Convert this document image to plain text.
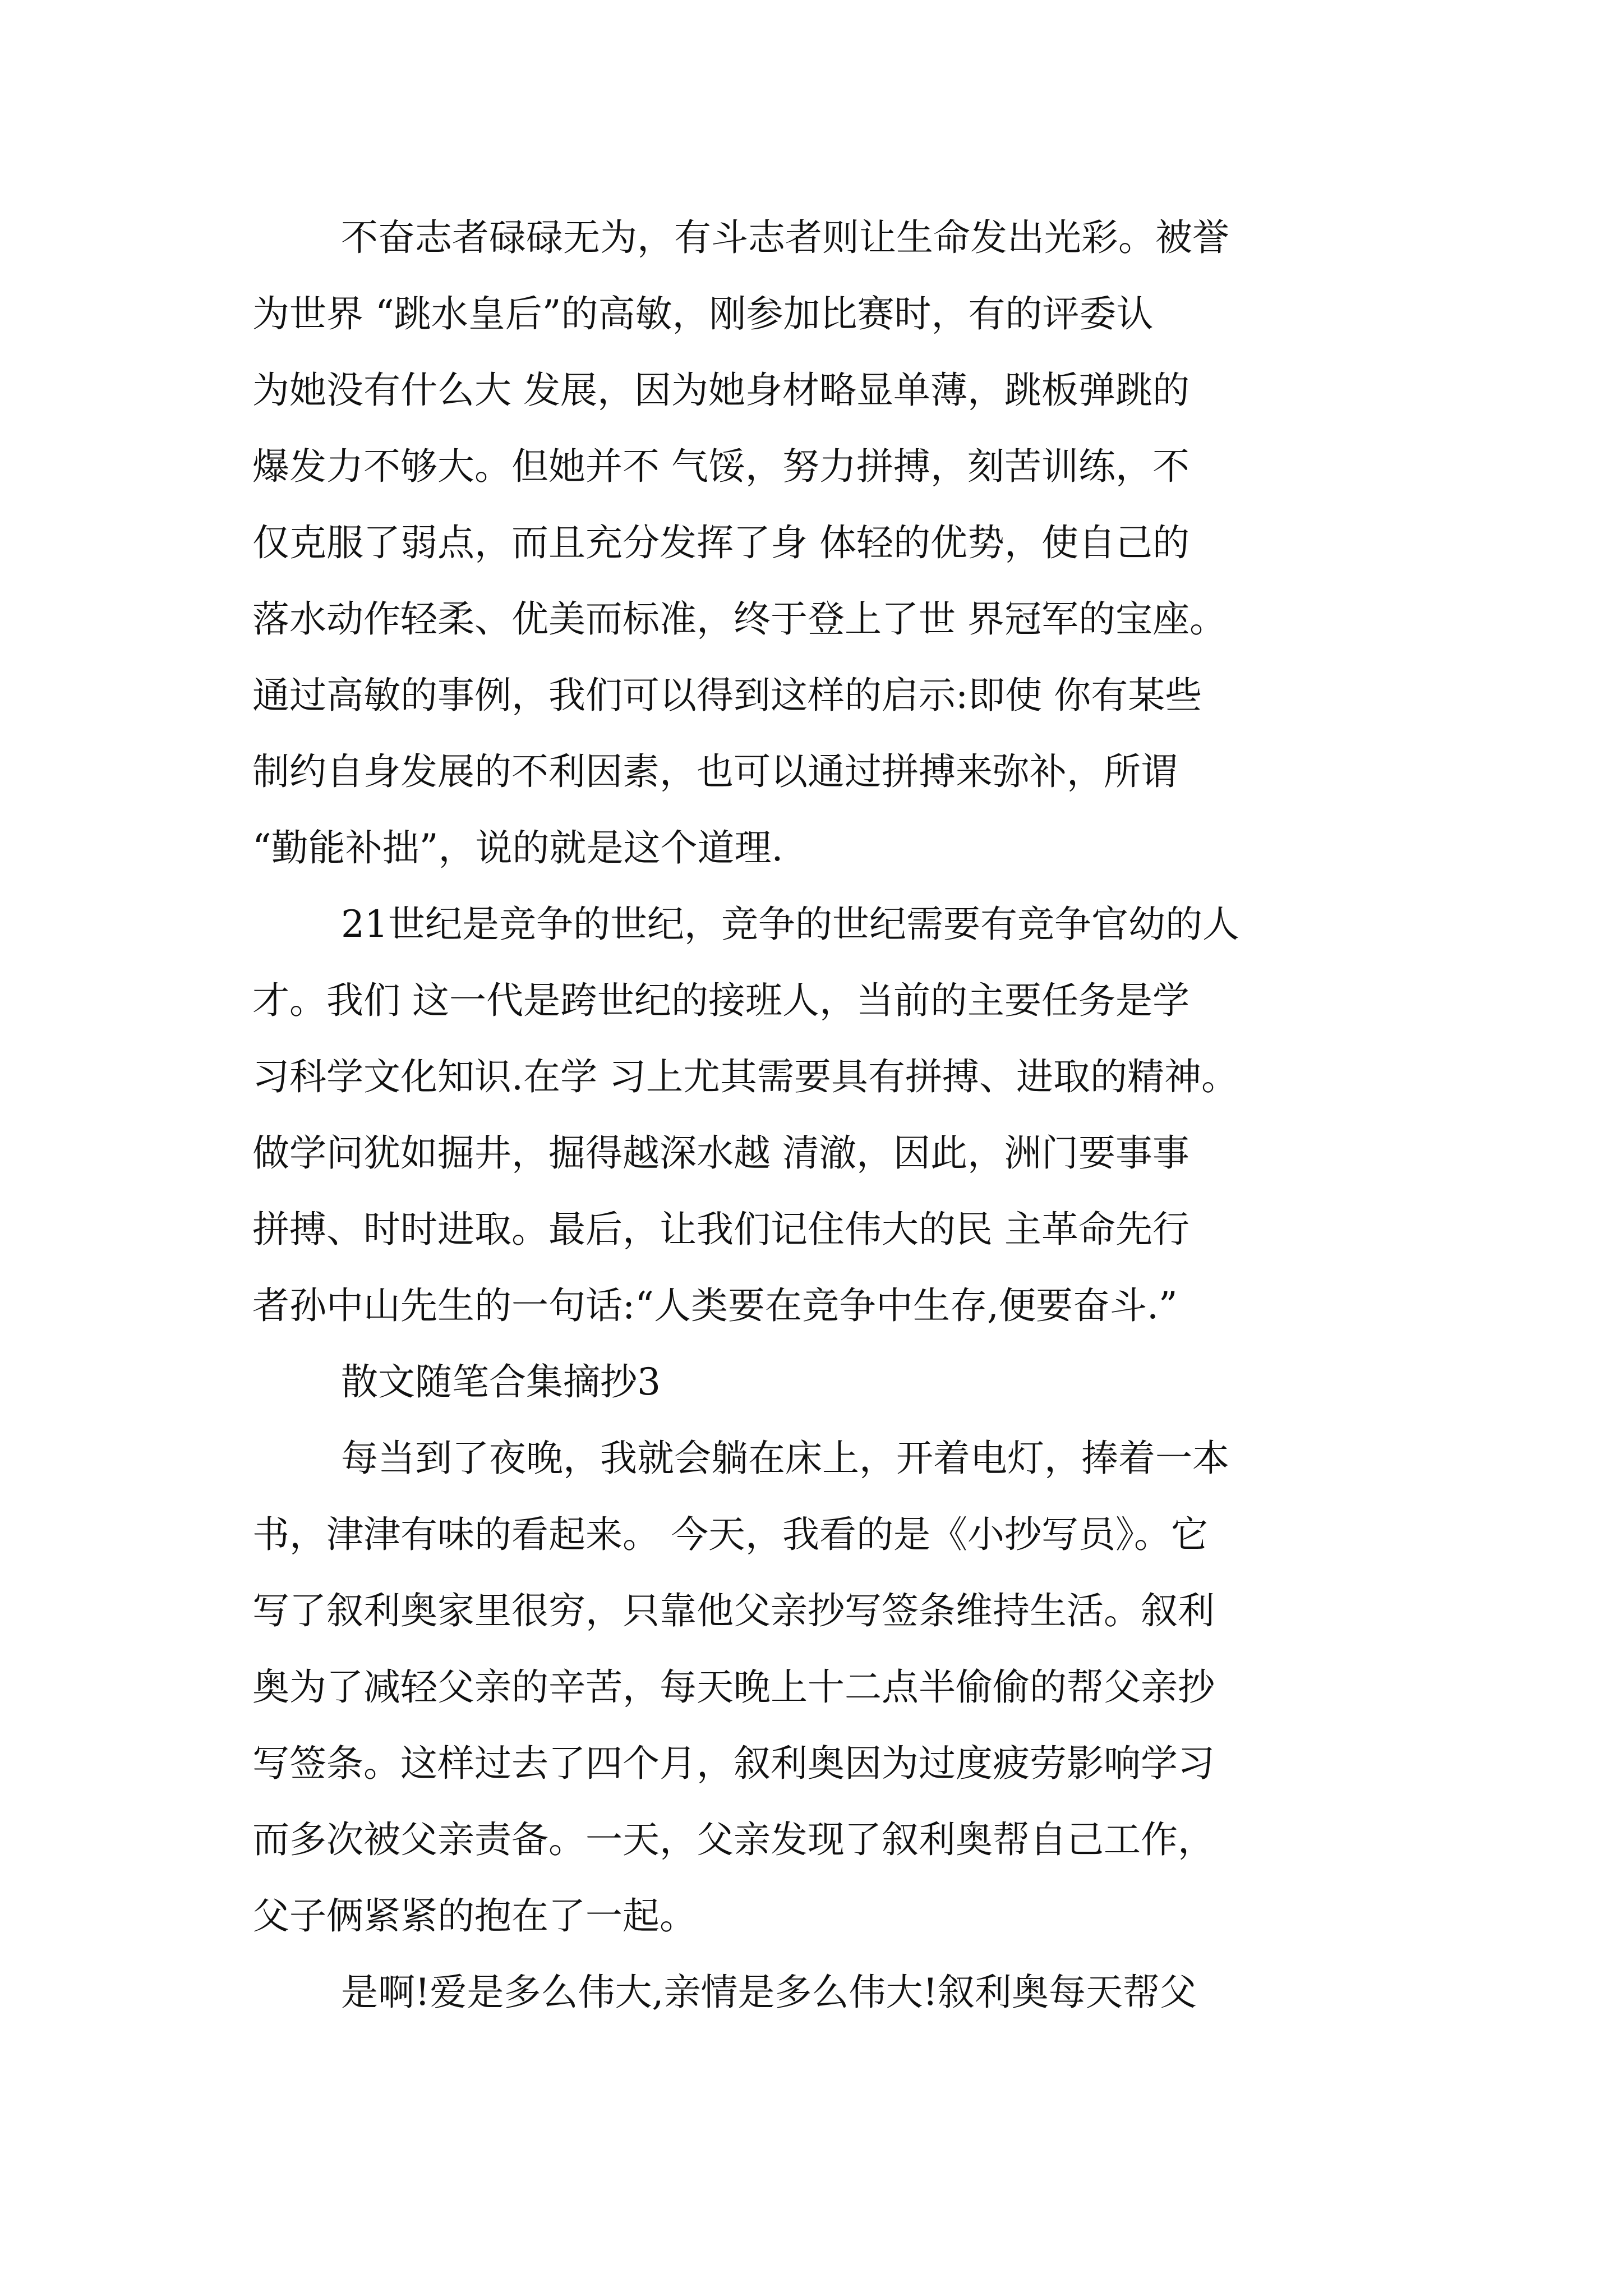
不奋志者碌碌无为，有斗志者则让生命发出光彩。被誉
为世界 “跳水皇后”的高敏，刚参加比赛时，有的评委认
为她没有什么大 发展，因为她身材略显单薄，跳板弹跳的
爆发力不够大。但她并不 气馁，努力拼搏，刻苦训练，不
仅克服了弱点，而且充分发挥了身 体轻的优势，使自己的
落水动作轻柔、优美而标准，终于登上了世 界冠军的宝座。
通过高敏的事例，我们可以得到这样的启示:即使 你有某些
制约自身发展的不利因素，也可以通过拼搏来弥补，所谓
“勤能补拙”，说的就是这个道理.
21世纪是竞争的世纪，竞争的世纪需要有竞争官幼的人
才。我们 这一代是跨世纪的接班人，当前的主要任务是学
习科学文化知识.在学 习上尤其需要具有拼搏、进取的精神。
做学问犹如掘井，掘得越深水越 清澈，因此，洲门要事事
拼搏、时时进取。最后，让我们记住伟大的民 主革命先行
者孙中山先生的一句话:“人类要在竞争中生存,便要奋斗.”
散文随笔合集摘抄3
每当到了夜晚，我就会躺在床上，开着电灯，捧着一本
书，津津有味的看起来。 今天，我看的是《小抄写员》。它
写了叙利奥家里很穷，只靠他父亲抄写签条维持生活。叙利
奥为了减轻父亲的辛苦，每天晚上十二点半偷偷的帮父亲抄
写签条。这样过去了四个月，叙利奥因为过度疲劳影响学习
而多次被父亲责备。一天，父亲发现了叙利奥帮自己工作，
父子俩紧紧的抱在了一起。
是啊!爱是多么伟大,亲情是多么伟大!叙利奥每天帮父
